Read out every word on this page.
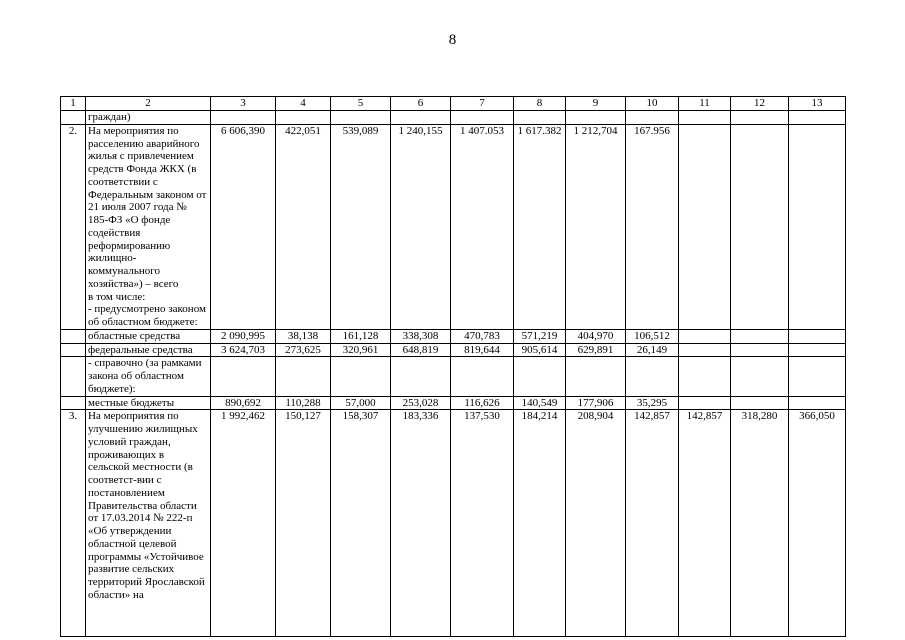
8
1	2	3	4	5	6	7	8	9	10	11	12	13

	граждан)											

2.	На мероприятия по расселению аварийного жилья с привлечением средств Фонда ЖКХ (в соответствии с Федеральным законом от 21 июля 2007 года № 185-ФЗ «О фонде содействия реформированию жилищно-коммунального хозяйства») – всего
в том числе:
- предусмотрено законом об областном бюджете:	6 606,390	422,051	539,089	1 240,155	1 407.053	1 617.382	1 212,704	167.956			

	областные средства	2 090,995	38,138	161,128	338,308	470,783	571,219	404,970	106,512			

	федеральные средства	3 624,703	273,625	320,961	648,819	819,644	905,614	629,891	26,149			

	- справочно (за рамками закона об областном бюджете):											

	местные бюджеты	890,692	110,288	57,000	253,028	116,626	140,549	177,906	35,295			
3.	На мероприятия по улучшению жилищных условий граждан, проживающих в сельской местности (в соответст-вии с постановлением Правительства области от 17.03.2014 № 222-п «Об утверждении областной целевой программы «Устойчивое развитие сельских территорий Ярославской области» на	1 992,462	150,127	158,307	183,336	137,530	184,214	208,904	142,857	142,857	318,280	366,050
